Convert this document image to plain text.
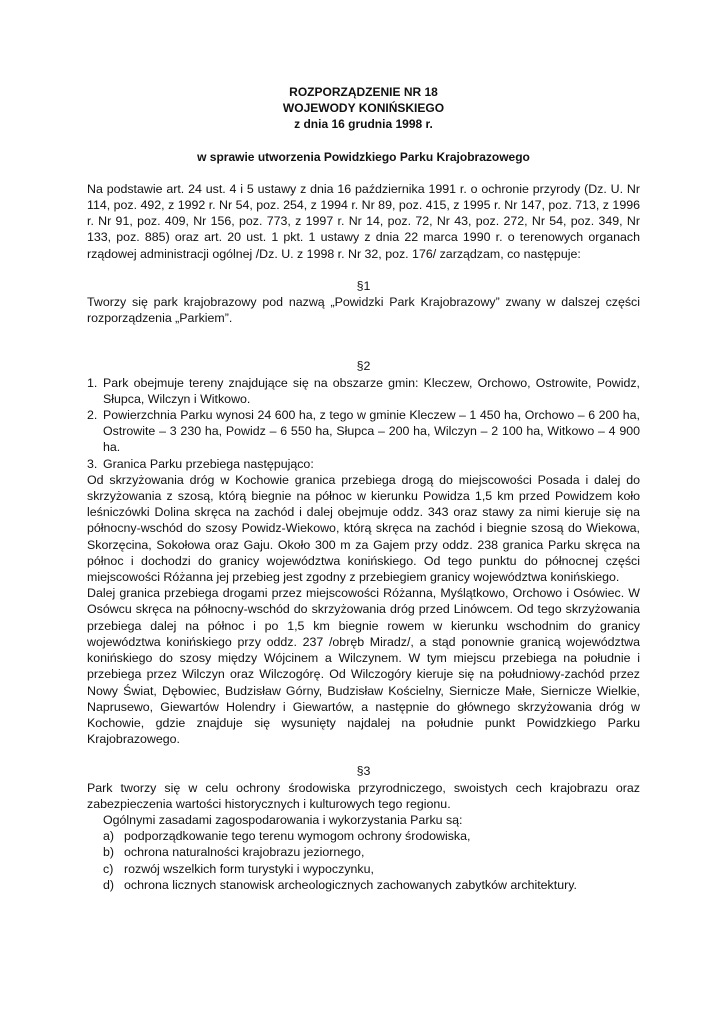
ROZPORZĄDZENIE NR 18
WOJEWODY KONIŃSKIEGO
z dnia 16 grudnia 1998 r.
w sprawie utworzenia Powidzkiego Parku Krajobrazowego
Na podstawie art. 24 ust. 4 i 5 ustawy z dnia 16 października 1991 r. o ochronie przyrody (Dz. U. Nr 114, poz. 492, z 1992 r. Nr 54, poz. 254, z 1994 r. Nr 89, poz. 415, z 1995 r. Nr 147, poz. 713, z 1996 r. Nr 91, poz. 409, Nr 156, poz. 773, z 1997 r. Nr 14, poz. 72, Nr 43, poz. 272, Nr 54, poz. 349, Nr 133, poz. 885) oraz art. 20 ust. 1 pkt. 1 ustawy z dnia 22 marca 1990 r. o terenowych organach rządowej administracji ogólnej /Dz. U. z 1998 r. Nr 32, poz. 176/ zarządzam, co następuje:
§1
Tworzy się park krajobrazowy pod nazwą „Powidzki Park Krajobrazowy” zwany w dalszej części rozporządzenia „Parkiem”.
§2
1. Park obejmuje tereny znajdujące się na obszarze gmin: Kleczew, Orchowo, Ostrowite, Powidz, Słupca, Wilczyn i Witkowo.
2. Powierzchnia Parku wynosi 24 600 ha, z tego w gminie Kleczew – 1 450 ha, Orchowo – 6 200 ha, Ostrowite – 3 230 ha, Powidz – 6 550 ha, Słupca – 200 ha, Wilczyn – 2 100 ha, Witkowo – 4 900 ha.
3. Granica Parku przebiega następująco:
Od skrzyżowania dróg w Kochowie granica przebiega drogą do miejscowości Posada i dalej do skrzyżowania z szosą, którą biegnie na północ w kierunku Powidza 1,5 km przed Powidzem koło leśniczówki Dolina skręca na zachód i dalej obejmuje oddz. 343 oraz stawy za nimi kieruje się na północny-wschód do szosy Powidz-Wiekowo, którą skręca na zachód i biegnie szosą do Wiekowa, Skorzęcina, Sokołowa oraz Gaju. Około 300 m za Gajem przy oddz. 238 granica Parku skręca na północ i dochodzi do granicy województwa konińskiego. Od tego punktu do północnej części miejscowości Różanna jej przebieg jest zgodny z przebiegiem granicy województwa konińskiego.
Dalej granica przebiega drogami przez miejscowości Różanna, Myślątkowo, Orchowo i Osówiec. W Osówcu skręca na północny-wschód do skrzyżowania dróg przed Linówcem. Od tego skrzyżowania przebiega dalej na północ i po 1,5 km biegnie rowem w kierunku wschodnim do granicy województwa konińskiego przy oddz. 237 /obręb Miradz/, a stąd ponownie granicą województwa konińskiego do szosy między Wójcinem a Wilczynem. W tym miejscu przebiega na południe i przebiega przez Wilczyn oraz Wilczogórę. Od Wilczogóry kieruje się na południowy-zachód przez Nowy Świat, Dębowiec, Budzisław Górny, Budzisław Kościelny, Siernicze Małe, Siernicze Wielkie, Naprusewo, Giewartów Holendry i Giewartów, a następnie do głównego skrzyżowania dróg w Kochowie, gdzie znajduje się wysunięty najdalej na południe punkt Powidzkiego Parku Krajobrazowego.
§3
Park tworzy się w celu ochrony środowiska przyrodniczego, swoistych cech krajobrazu oraz zabezpieczenia wartości historycznych i kulturowych tego regionu.
Ogólnymi zasadami zagospodarowania i wykorzystania Parku są:
a) podporządkowanie tego terenu wymogom ochrony środowiska,
b) ochrona naturalności krajobrazu jeziornego,
c) rozwój wszelkich form turystyki i wypoczynku,
d) ochrona licznych stanowisk archeologicznych zachowanych zabytków architektury.
